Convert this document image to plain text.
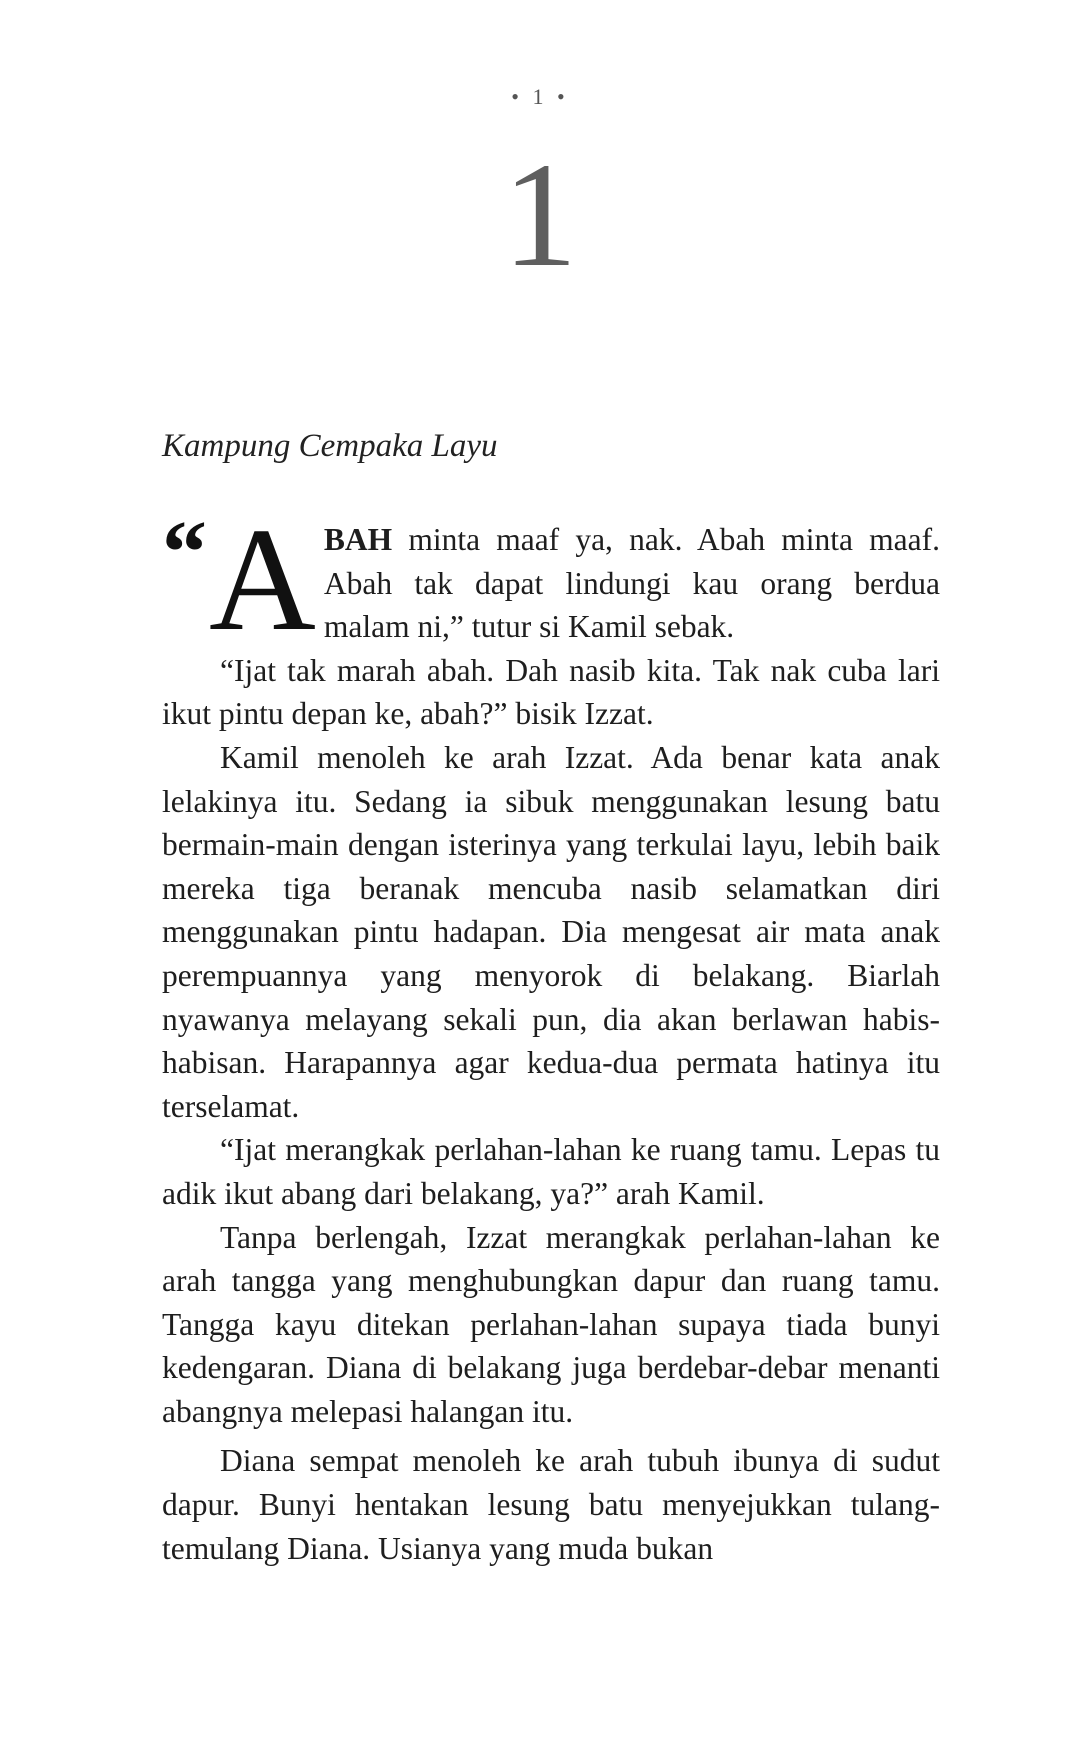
• 1 •
1
Kampung Cempaka Layu

“ A BAH minta maaf ya, nak. Abah minta maaf. Abah tak dapat lindungi kau orang berdua malam ni,” tutur si Kamil sebak.

“Ijat tak marah abah. Dah nasib kita. Tak nak cuba lari ikut pintu depan ke, abah?” bisik Izzat.

Kamil menoleh ke arah Izzat. Ada benar kata anak lelakinya itu. Sedang ia sibuk menggunakan lesung batu bermain-main dengan isterinya yang terkulai layu, lebih baik mereka tiga beranak mencuba nasib selamatkan diri menggunakan pintu hadapan. Dia mengesat air mata anak perempuannya yang menyorok di belakang. Biarlah nyawanya melayang sekali pun, dia akan berlawan habis-habisan. Harapannya agar kedua-dua permata hatinya itu terselamat.

“Ijat merangkak perlahan-lahan ke ruang tamu. Lepas tu adik ikut abang dari belakang, ya?” arah Kamil.

Tanpa berlengah, Izzat merangkak perlahan-lahan ke arah tangga yang menghubungkan dapur dan ruang tamu. Tangga kayu ditekan perlahan-lahan supaya tiada bunyi kedengaran. Diana di belakang juga berdebar-debar menanti abangnya melepasi halangan itu.

Diana sempat menoleh ke arah tubuh ibunya di sudut dapur. Bunyi hentakan lesung batu menyejukkan tulang-temulang Diana. Usianya yang muda bukan
